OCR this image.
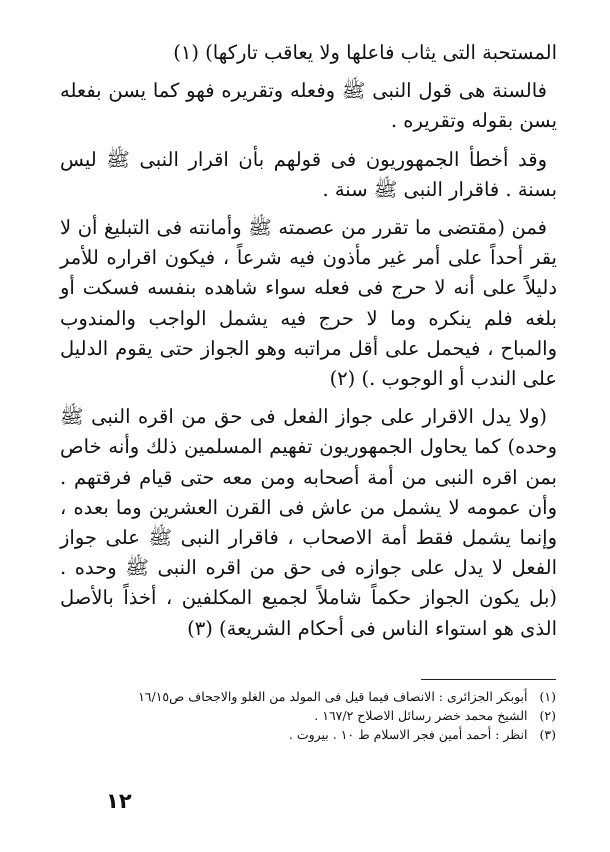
المستحبة التى يثاب فاعلها ولا يعاقب تاركها) (١)

فالسنة هى قول النبى ﷺ وفعله وتقريره فهو كما يسن بفعله يسن بقوله وتقريره .

وقد أخطأ الجمهوريون فى قولهم بأن اقرار النبى ﷺ ليس بسنة . فاقرار النبى ﷺ سنة .

فمن (مقتضى ما تقرر من عصمته ﷺ وأمانته فى التبليغ أن لا يقر أحداً على أمر غير مأذون فيه شرعاً ، فيكون اقراره للأمر دليلاً على أنه لا حرج فى فعله سواء شاهده بنفسه فسكت أو بلغه فلم ينكره وما لا حرج فيه يشمل الواجب والمندوب والمباح ، فيحمل على أقل مراتبه وهو الجواز حتى يقوم الدليل على الندب أو الوجوب .) (٢)

(ولا يدل الاقرار على جواز الفعل فى حق من اقره النبى ﷺ وحده) كما يحاول الجمهوريون تفهيم المسلمين ذلك وأنه خاص بمن اقره النبى من أمة أصحابه ومن معه حتى قيام فرقتهم . وأن عمومه لا يشمل من عاش فى القرن العشرين وما بعده ، وإنما يشمل فقط أمة الاصحاب ، فاقرار النبى ﷺ على جواز الفعل لا يدل على جوازه فى حق من اقره النبى ﷺ وحده . (بل يكون الجواز حكماً شاملاً لجميع المكلفين ، أخذاً بالأصل الذى هو استواء الناس فى أحكام الشريعة) (٣)

(١)أبوبكر الجزائرى : الانصاف فيما قيل فى المولد من الغلو والاجحاف ص١٦/١٥
(٢)الشيخ محمد خضر رسائل الاصلاح ١٦٧/٢ .
(٣)انظر : أحمد أمين فجر الاسلام ط ١٠ . بيروت .
١٢
